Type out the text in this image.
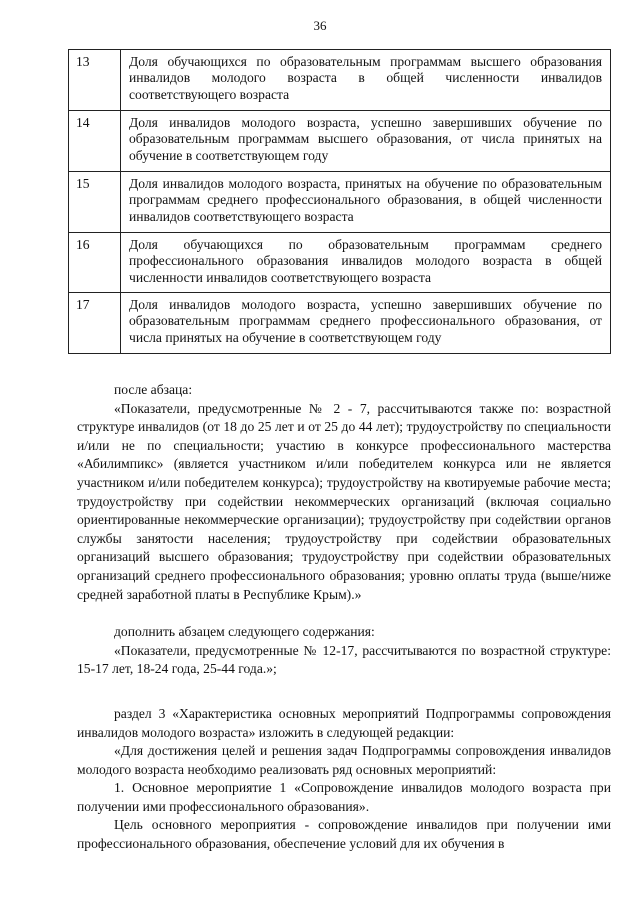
36
13	Доля обучающихся по образовательным программам высшего образования инвалидов молодого возраста в общей численности инвалидов соответствующего возраста
14	Доля инвалидов молодого возраста, успешно завершивших обучение по образовательным программам высшего образования, от числа принятых на обучение в соответствующем году
15	Доля инвалидов молодого возраста, принятых на обучение по образовательным программам среднего профессионального образования, в общей численности инвалидов соответствующего возраста
16	Доля обучающихся по образовательным программам среднего профессионального образования инвалидов молодого возраста в общей численности инвалидов соответствующего возраста
17	Доля инвалидов молодого возраста, успешно завершивших обучение по образовательным программам среднего профессионального образования, от числа принятых на обучение в соответствующем году

после абзаца:

«Показатели, предусмотренные № 2 - 7, рассчитываются также по: возрастной структуре инвалидов (от 18 до 25 лет и от 25 до 44 лет); трудоустройству по специальности и/или не по специальности; участию в конкурсе профессионального мастерства «Абилимпикс» (является участником и/или победителем конкурса или не является участником и/или победителем конкурса); трудоустройству на квотируемые рабочие места; трудоустройству при содействии некоммерческих организаций (включая социально ориентированные некоммерческие организации); трудоустройству при содействии органов службы занятости населения; трудоустройству при содействии образовательных организаций высшего образования; трудоустройству при содействии образовательных организаций среднего профессионального образования; уровню оплаты труда (выше/ниже средней заработной платы в Республике Крым).»

дополнить абзацем следующего содержания:

«Показатели, предусмотренные № 12-17, рассчитываются по возрастной структуре: 15-17 лет, 18-24 года, 25-44 года.»;

раздел 3 «Характеристика основных мероприятий Подпрограммы сопровождения инвалидов молодого возраста» изложить в следующей редакции:

«Для достижения целей и решения задач Подпрограммы сопровождения инвалидов молодого возраста необходимо реализовать ряд основных мероприятий:

1. Основное мероприятие 1 «Сопровождение инвалидов молодого возраста при получении ими профессионального образования».

Цель основного мероприятия - сопровождение инвалидов при получении ими профессионального образования, обеспечение условий для их обучения в
